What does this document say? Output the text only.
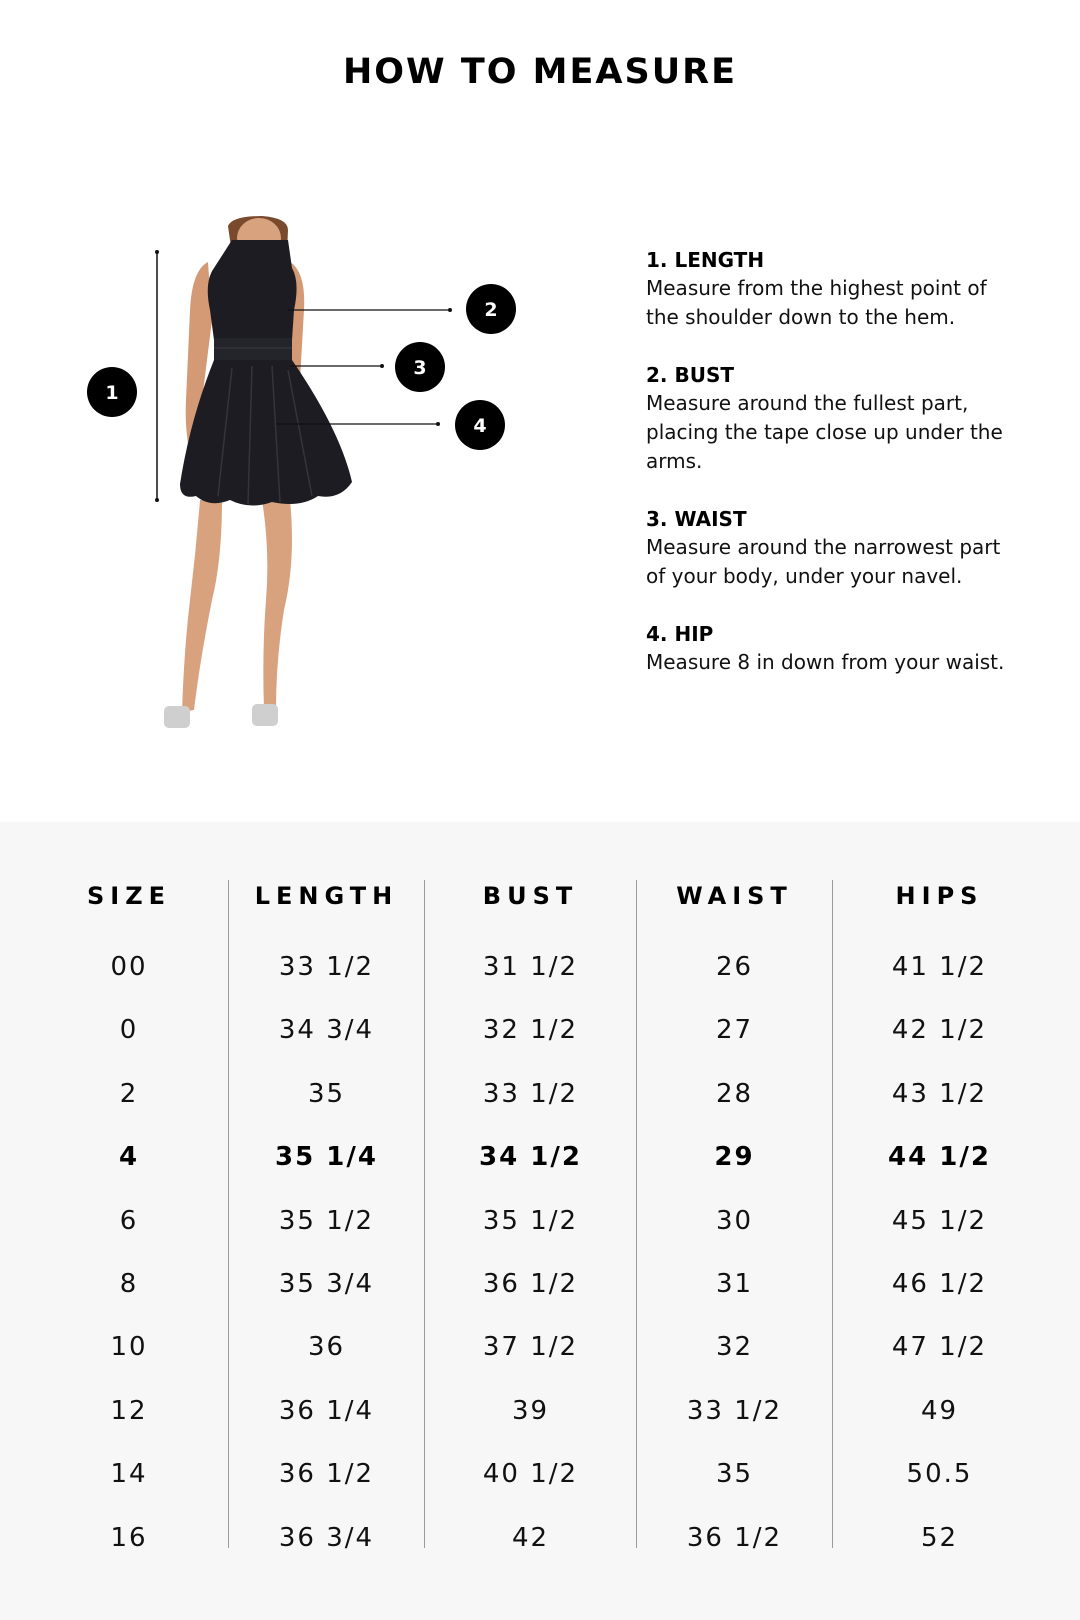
HOW TO MEASURE
1
2
3
4
1. LENGTH
Measure from the highest point of the shoulder down to the hem.
2. BUST
Measure around the fullest part, placing the tape close up under the arms.
3. WAIST
Measure around the narrowest part of your body, under your navel.
4. HIP
Measure 8 in down from your waist.
SIZE
00
0
2
4
6
8
10
12
14
16
LENGTH
33 1/2
34 3/4
35
35 1/4
35 1/2
35 3/4
36
36 1/4
36 1/2
36 3/4
BUST
31 1/2
32 1/2
33 1/2
34 1/2
35 1/2
36 1/2
37 1/2
39
40 1/2
42
WAIST
26
27
28
29
30
31
32
33 1/2
35
36 1/2
HIPS
41 1/2
42 1/2
43 1/2
44 1/2
45 1/2
46 1/2
47 1/2
49
50.5
52
